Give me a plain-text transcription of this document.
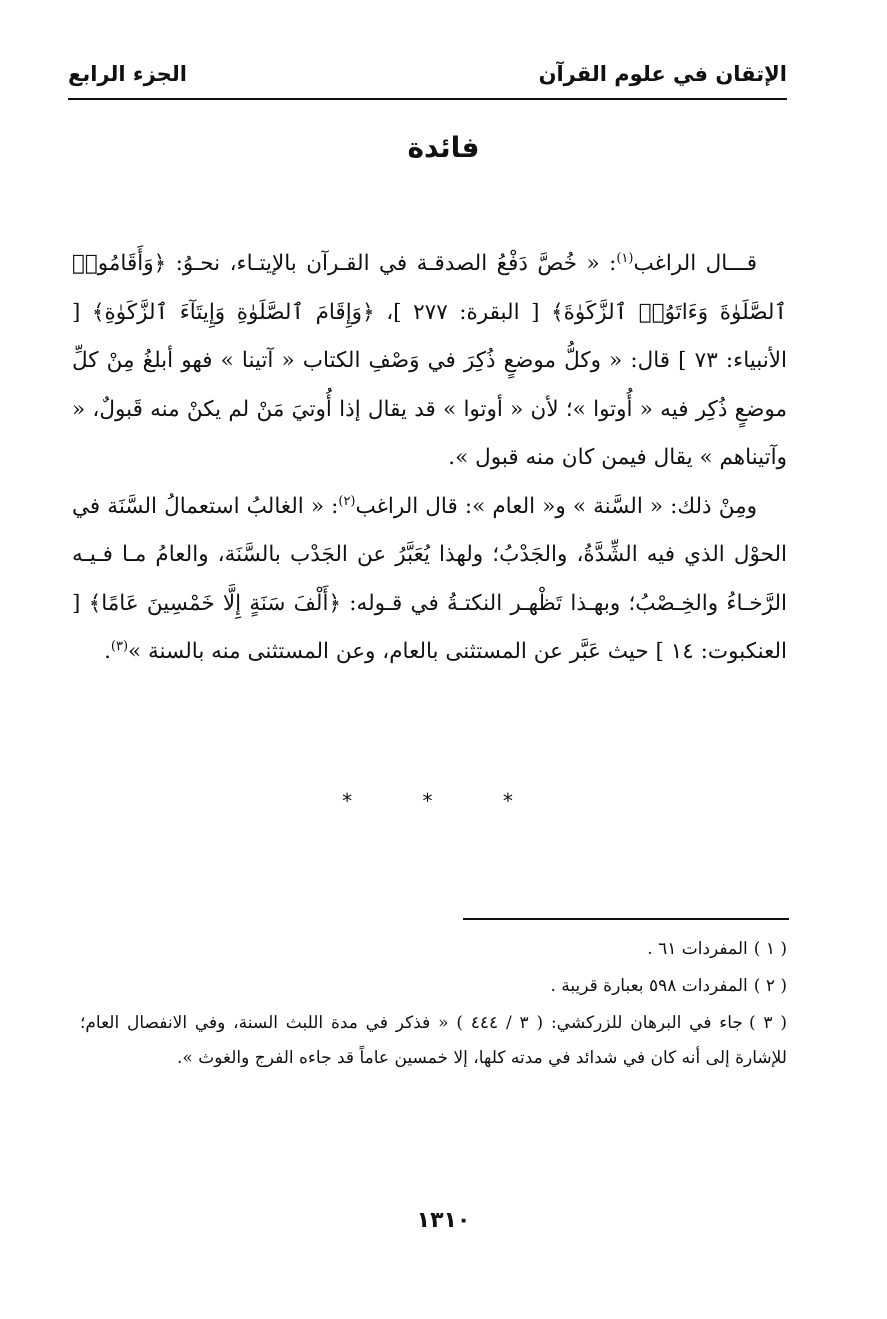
الإتقان في علوم القرآن
الجزء الرابع
فائدة

قـــال الراغب$^{(١)}$: « خُصَّ دَفْعُ الصدقـة في القـرآن بالإيتـاء، نحـوُ: ﴿وَأَقَامُوا۟ ٱلصَّلَوٰةَ وَءَاتَوُا۟ ٱلزَّكَوٰةَ﴾ [ البقرة: ٢٧٧ ]، ﴿وَإِقَامَ ٱلصَّلَوٰةِ وَإِيتَآءَ ٱلزَّكَوٰةِ﴾ [ الأنبياء: ٧٣ ] قال: « وكلُّ موضعٍ ذُكِرَ في وَصْفِ الكتاب « آتينا » فهو أبلغُ مِنْ كلِّ موضعٍ ذُكِر فيه « أُوتوا »؛ لأن « أوتوا » قد يقال إذا أُوتيَ مَنْ لم يكنْ منه قَبولٌ، « وآتيناهم » يقال فيمن كان منه قبول ».

ومِنْ ذلك: « السَّنة » و« العام »: قال الراغب$^{(٢)}$: « الغالبُ استعمالُ السَّنَة في الحوْل الذي فيه الشِّدَّةُ، والجَدْبُ؛ ولهذا يُعَبَّرُ عن الجَدْب بالسَّنَة، والعامُ مـا فـيـه الرَّخـاءُ والخِـصْبُ؛ وبهـذا تَظْهـر النكتـةُ في قـوله: ﴿أَلْفَ سَنَةٍ إِلَّا خَمْسِينَ عَامًا﴾ [ العنكبوت: ١٤ ] حيث عَبَّر عن المستثنى بالعام، وعن المستثنى منه بالسنة »$^{(٣)}$.

* * *

( ١ )المفردات ٦١ .

( ٢ )المفردات ٥٩٨ بعبارة قريبة .

( ٣ )جاء في البرهان للزركشي: ( ٣ / ٤٤٤ ) « فذكر في مدة اللبث السنة، وفي الانفصال العام؛ للإشارة إلى أنه كان في شدائد في مدته كلها، إلا خمسين عاماً قد جاءه الفرج والغوث ».

١٣١٠
